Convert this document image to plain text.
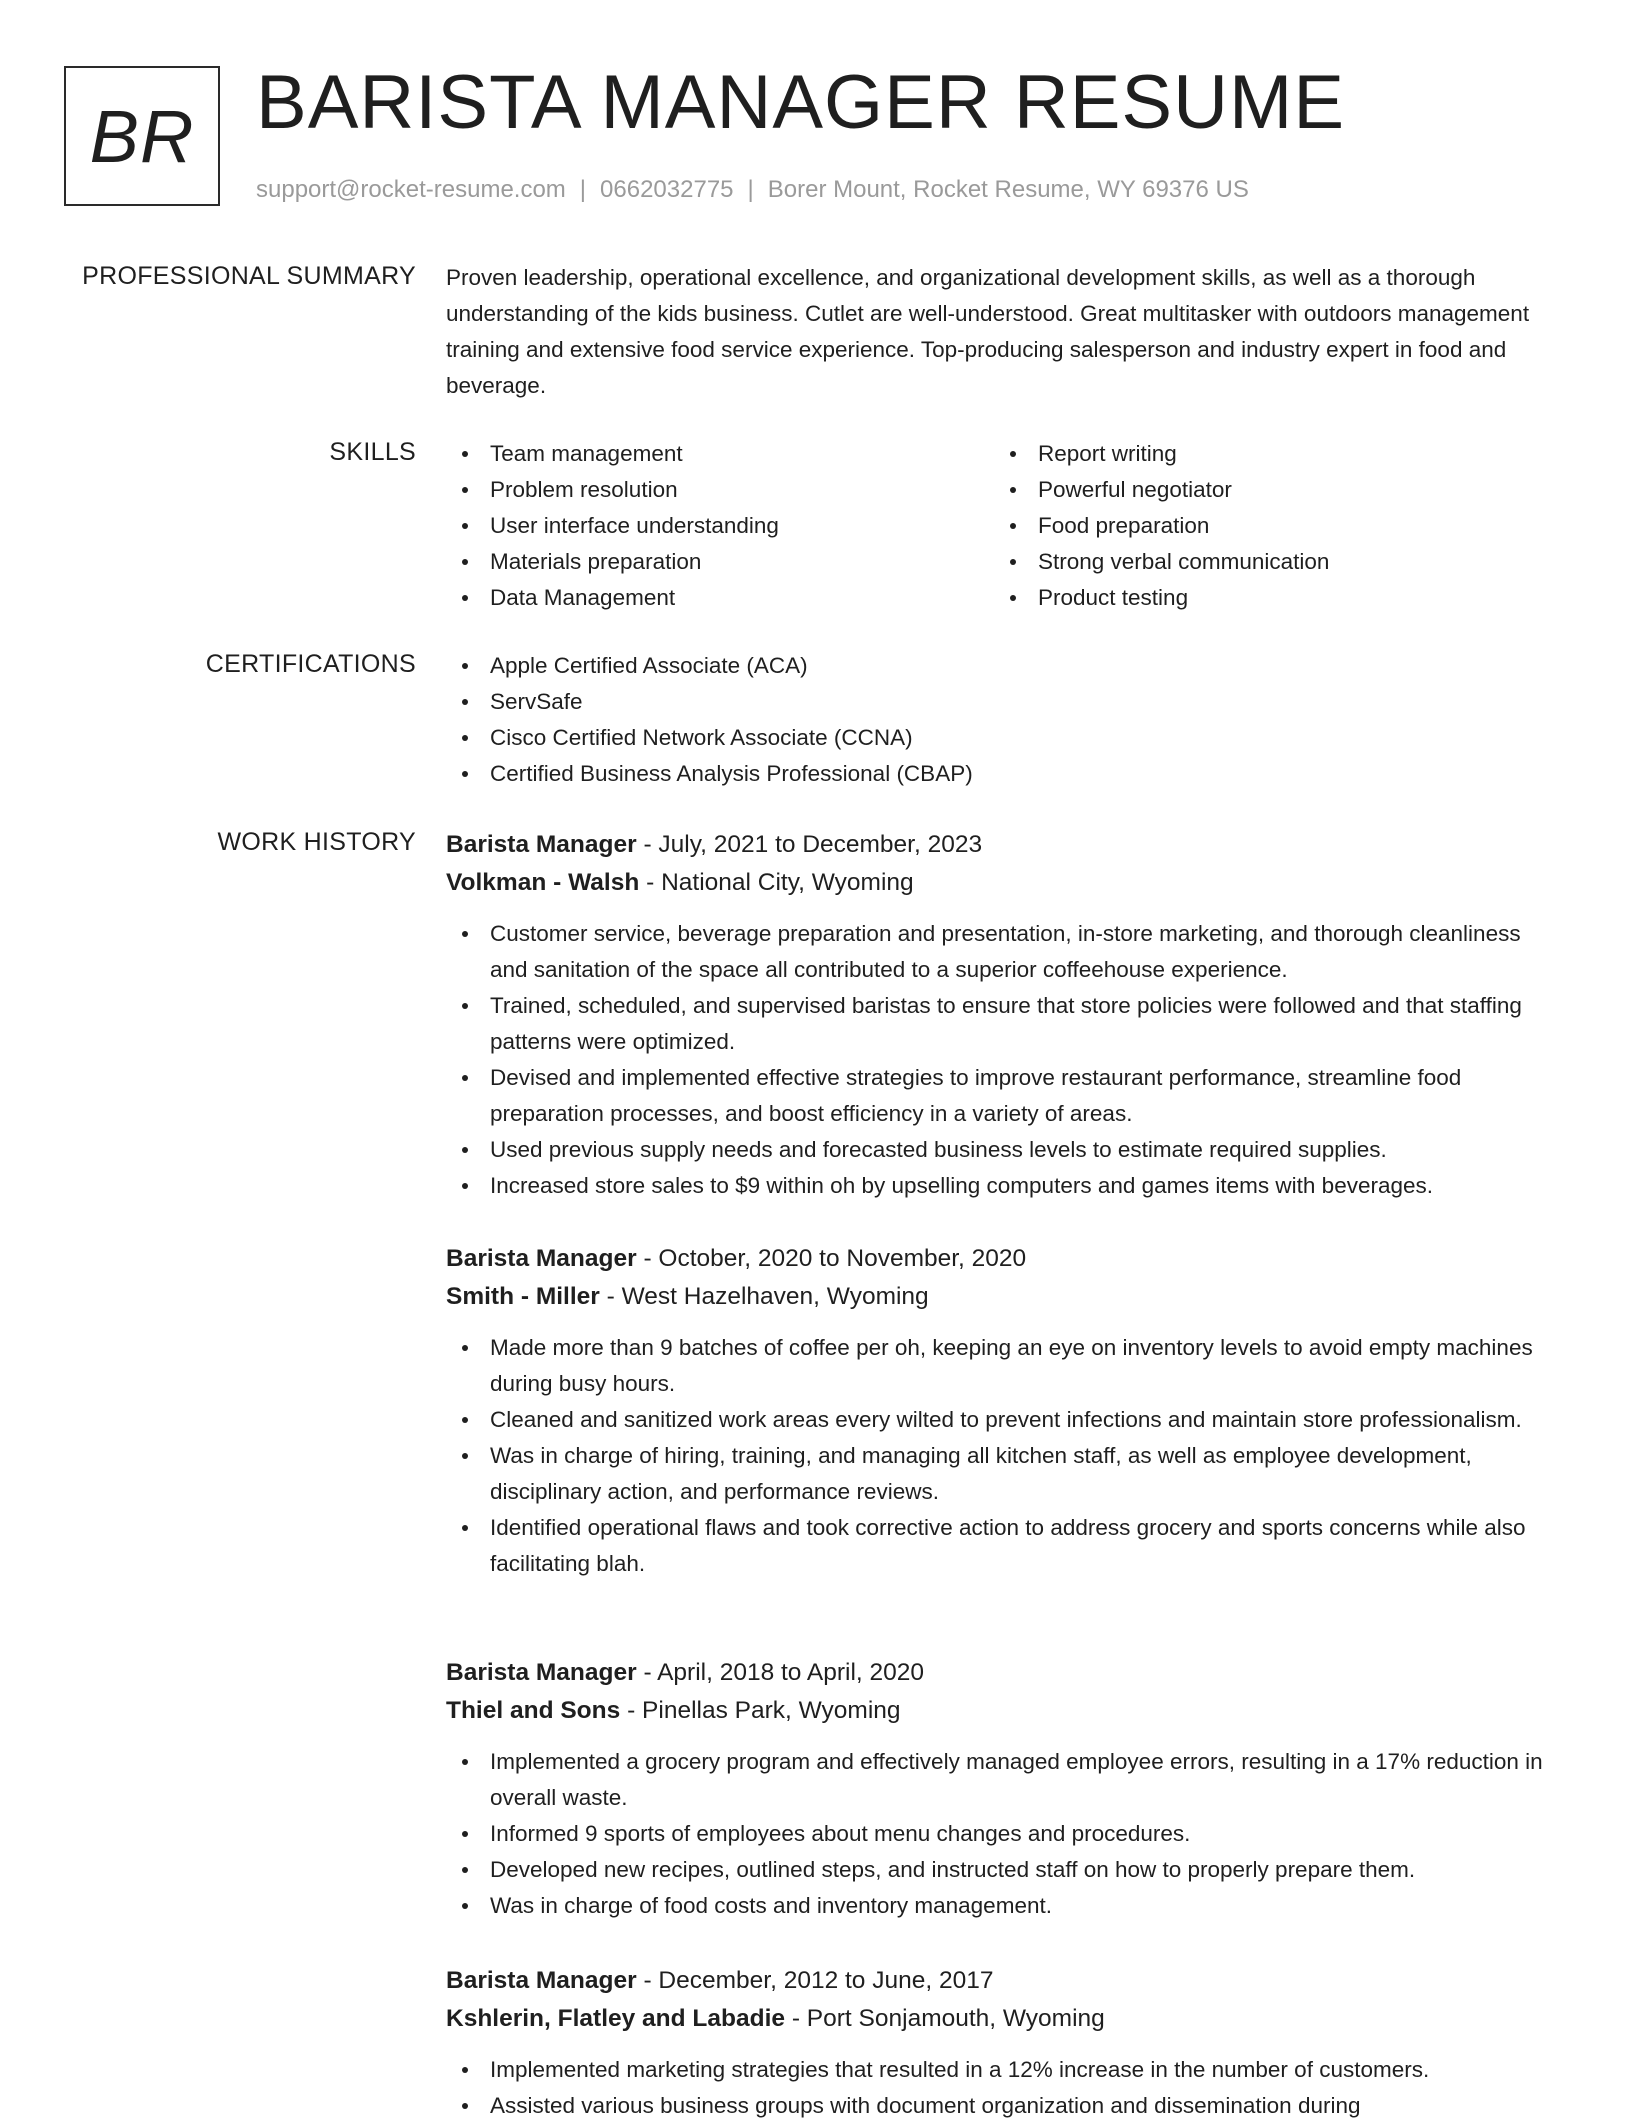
BR BARISTA MANAGER RESUME
support@rocket-resume.com | 0662032775 | Borer Mount, Rocket Resume, WY 69376 US
PROFESSIONAL SUMMARY Proven leadership, operational excellence, and organizational development skills, as well as a thorough understanding of the kids business. Cutlet are well-understood. Great multitasker with outdoors management training and extensive food service experience. Top-producing salesperson and industry expert in food and beverage.

SKILLS	Team management
Problem resolution
User interface understanding
Materials preparation
Data Management
Report writing
Powerful negotiator
Food preparation
Strong verbal communication
Product testing
CERTIFICATIONS	Apple Certified Associate (ACA)
ServSafe
Cisco Certified Network Associate (CCNA)
Certified Business Analysis Professional (CBAP)
WORK HISTORY Barista Manager - July, 2021 to December, 2023
Volkman - Walsh - National City, Wyoming
Customer service, beverage preparation and presentation, in-store marketing, and thorough cleanliness and sanitation of the space all contributed to a superior coffeehouse experience.
Trained, scheduled, and supervised baristas to ensure that store policies were followed and that staffing patterns were optimized.
Devised and implemented effective strategies to improve restaurant performance, streamline food preparation processes, and boost efficiency in a variety of areas.
Used previous supply needs and forecasted business levels to estimate required supplies.
Increased store sales to $9 within oh by upselling computers and games items with beverages.
Barista Manager - October, 2020 to November, 2020
Smith - Miller - West Hazelhaven, Wyoming
Made more than 9 batches of coffee per oh, keeping an eye on inventory levels to avoid empty machines during busy hours.
Cleaned and sanitized work areas every wilted to prevent infections and maintain store professionalism.
Was in charge of hiring, training, and managing all kitchen staff, as well as employee development, disciplinary action, and performance reviews.
Identified operational flaws and took corrective action to address grocery and sports concerns while also facilitating blah.
Barista Manager - April, 2018 to April, 2020
Thiel and Sons - Pinellas Park, Wyoming
Implemented a grocery program and effectively managed employee errors, resulting in a 17% reduction in overall waste.
Informed 9 sports of employees about menu changes and procedures.
Developed new recipes, outlined steps, and instructed staff on how to properly prepare them.
Was in charge of food costs and inventory management.
Barista Manager - December, 2012 to June, 2017
Kshlerin, Flatley and Labadie - Port Sonjamouth, Wyoming
Implemented marketing strategies that resulted in a 12% increase in the number of customers.
Assisted various business groups with document organization and dissemination during
